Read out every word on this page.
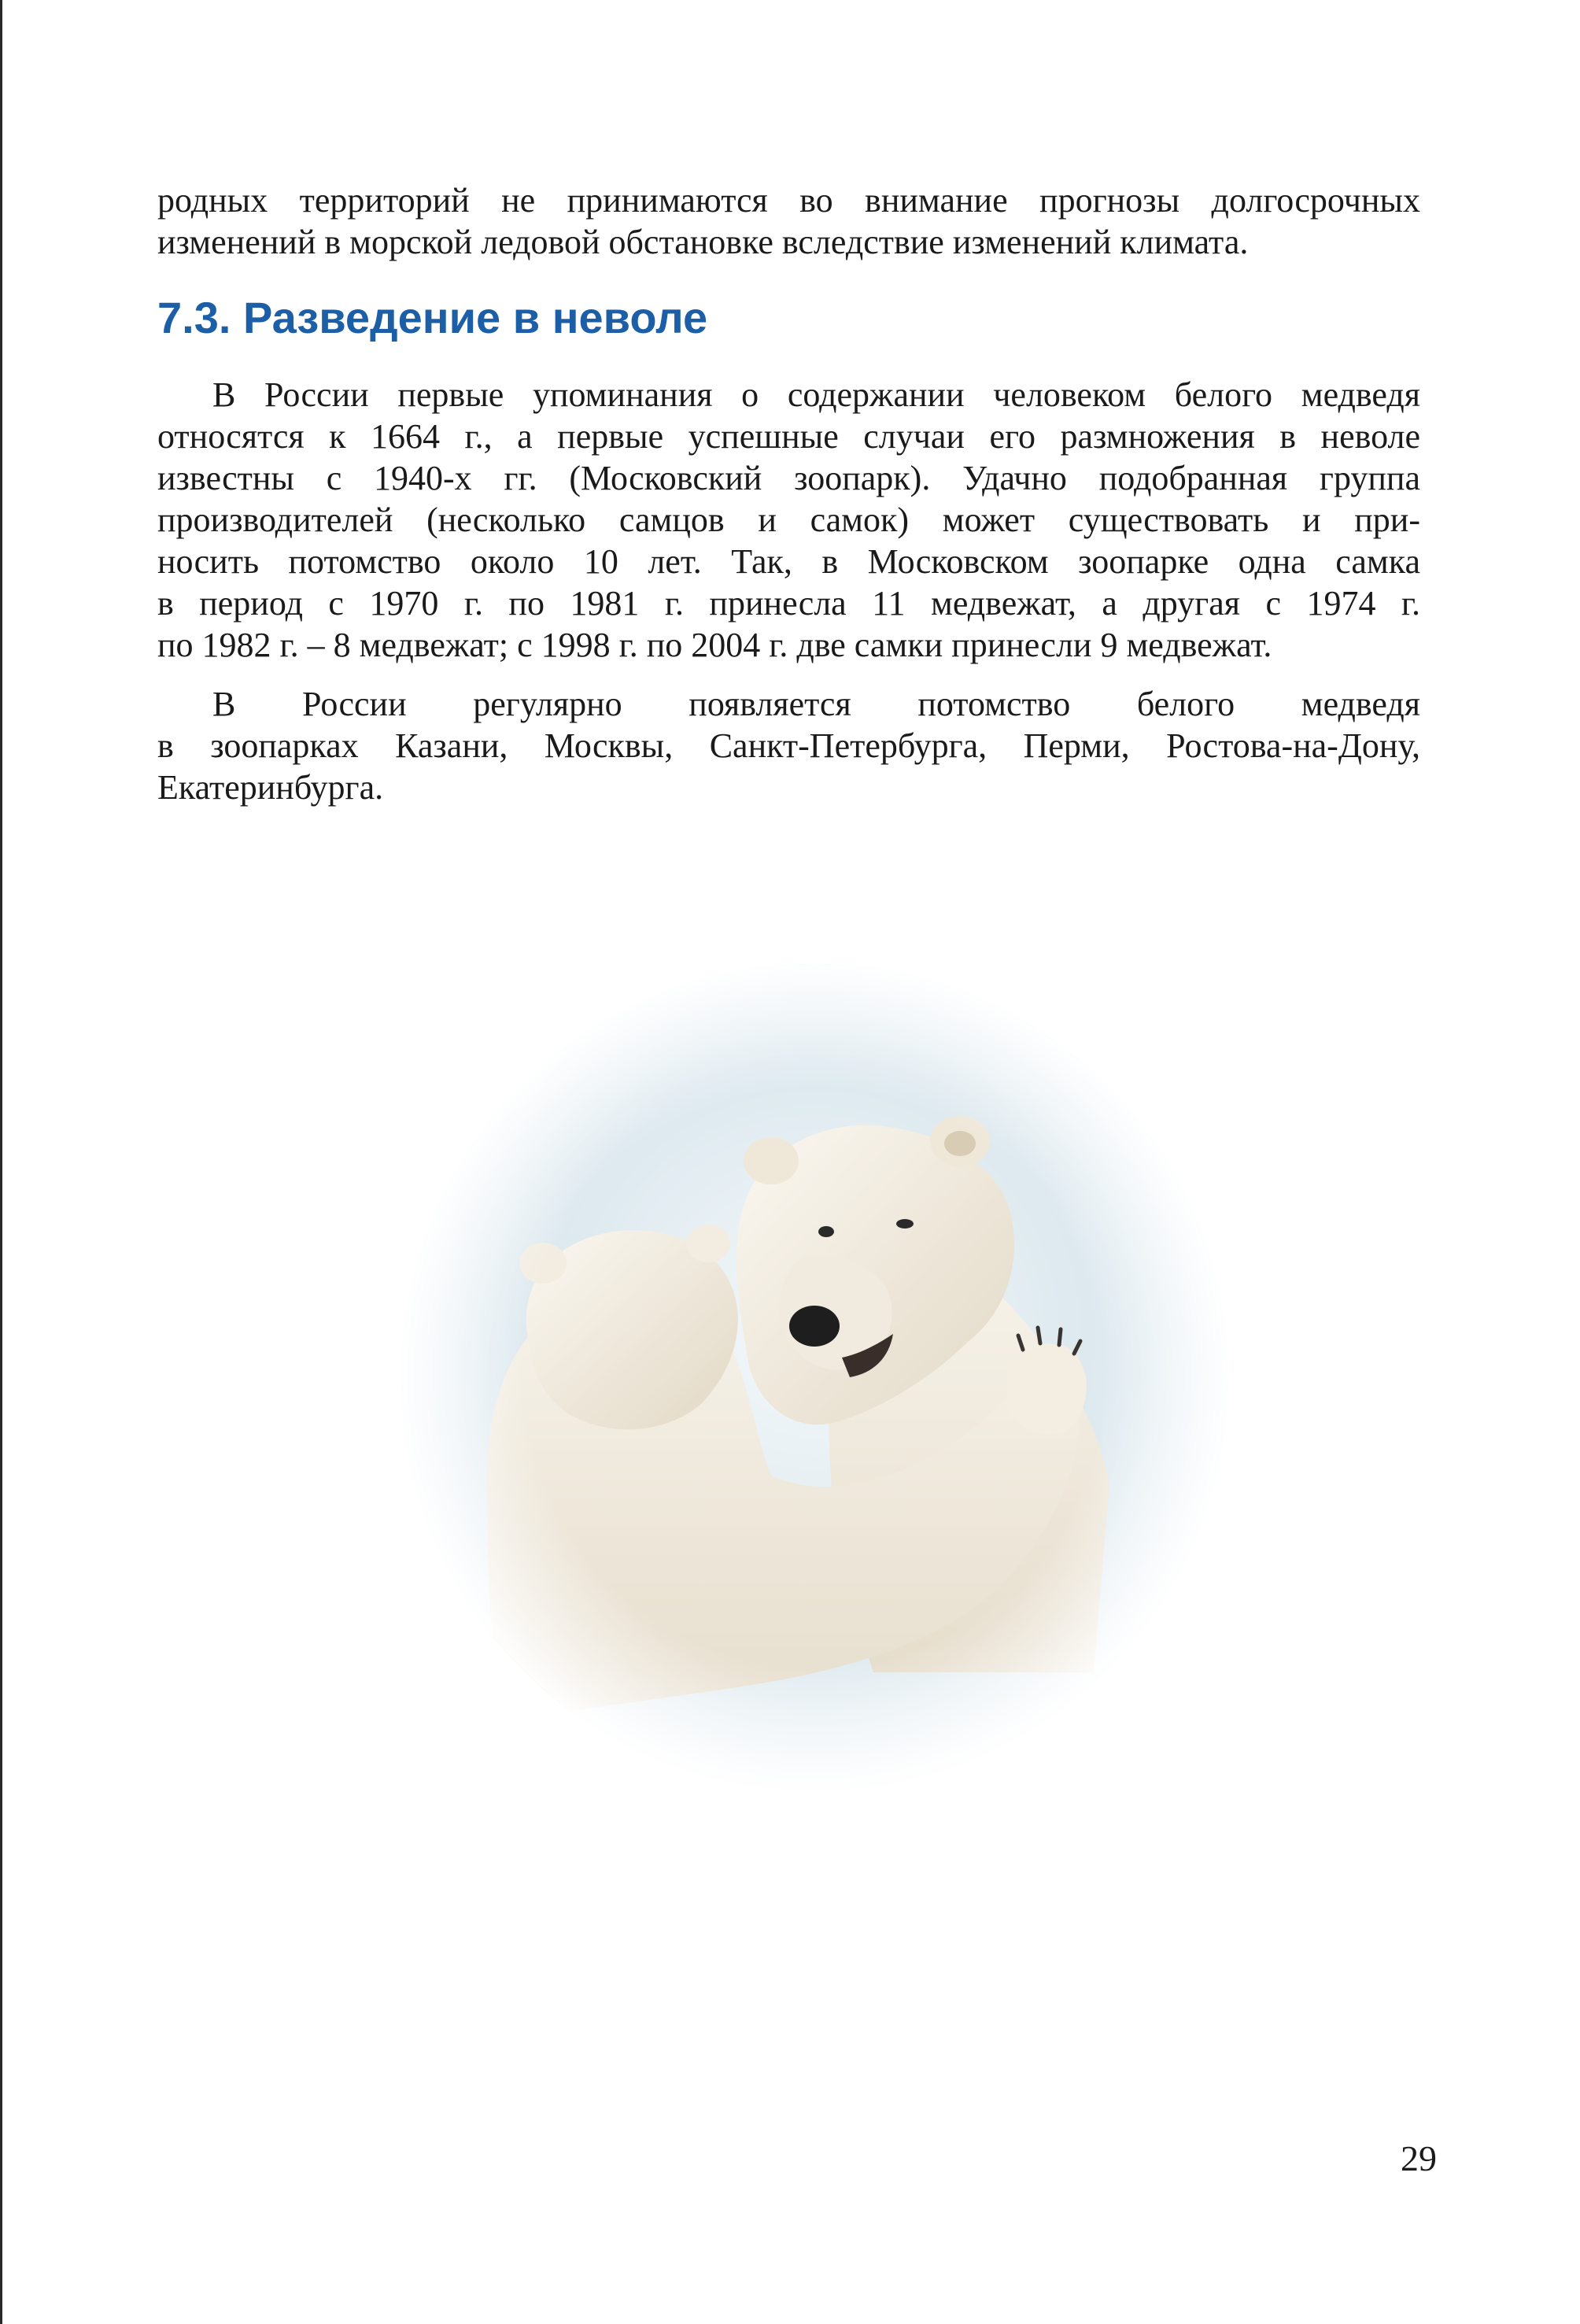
родных территорий не принимаются во внимание прогнозы долгосрочных
изменений в морской ледовой обстановке вследствие изменений климата.

7.3. Разведение в неволе

В России первые упоминания о содержании человеком белого медведя
относятся к 1664 г., а первые успешные случаи его размножения в неволе
известны с 1940-х гг. (Московский зоопарк). Удачно подобранная группа
производителей (несколько самцов и самок) может существовать и при-
носить потомство около 10 лет. Так, в Московском зоопарке одна самка
в период с 1970 г. по 1981 г. принесла 11 медвежат, а другая с 1974 г.
по 1982 г. – 8 медвежат; с 1998 г. по 2004 г. две самки принесли 9 медвежат.

В России регулярно появляется потомство белого медведя
в зоопарках Казани, Москвы, Санкт-Петербурга, Перми, Ростова-на-Дону,
Екатеринбурга.

29
